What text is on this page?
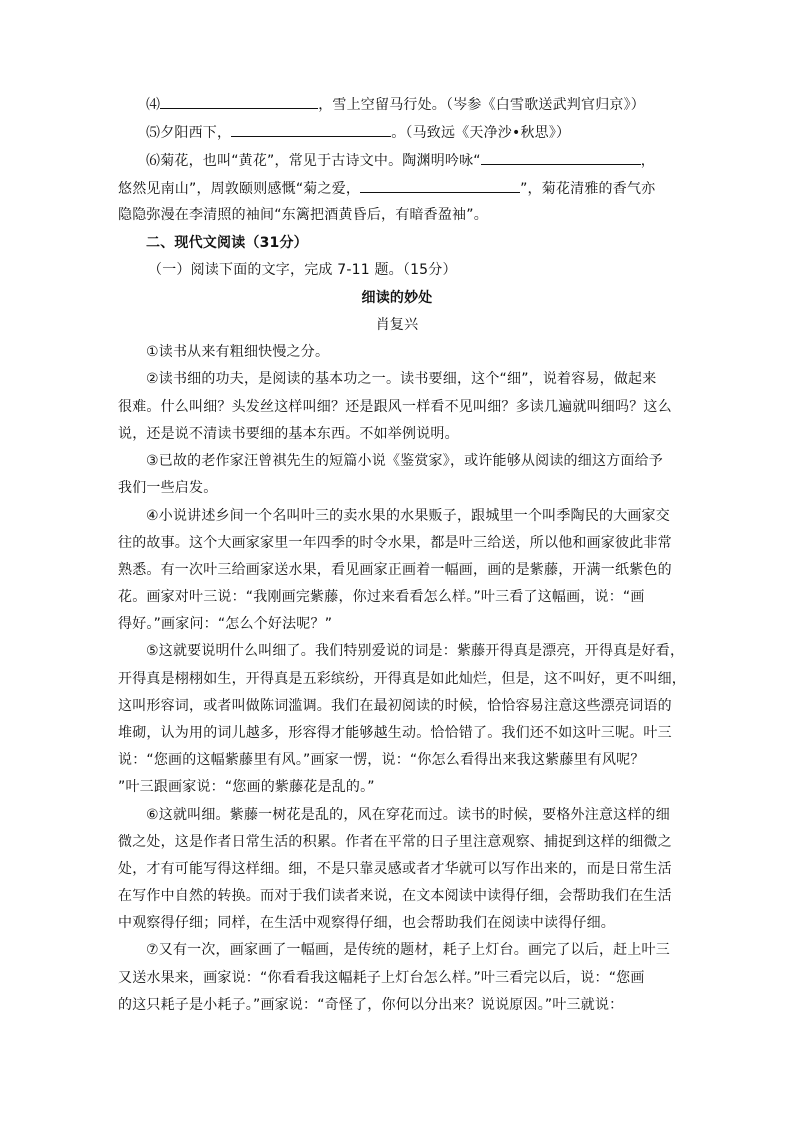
⑷	，雪上空留马行处。（岑参《白雪歌送武判官归京》）
⑸夕阳西下，	。（马致远《天净沙•秋思》）
⑹菊花，也叫“黄花”，常见于古诗文中。陶渊明吟咏“	，
悠然见南山”，周敦颐则感慨“菊之爱，	”，菊花清雅的香气亦
隐隐弥漫在李清照的袖间“东篱把酒黄昏后，有暗香盈袖”。
二、现代文阅读（31分）
（一）阅读下面的文字，完成 7-11 题。（15分）
细读的妙处
肖复兴
①读书从来有粗细快慢之分。
②读书细的功夫，是阅读的基本功之一。读书要细，这个“细”，说着容易，做起来
很难。什么叫细？头发丝这样叫细？还是跟风一样看不见叫细？多读几遍就叫细吗？这么
说，还是说不清读书要细的基本东西。不如举例说明。
③已故的老作家汪曾祺先生的短篇小说《鉴赏家》，或许能够从阅读的细这方面给予
我们一些启发。
④小说讲述乡间一个名叫叶三的卖水果的水果贩子，跟城里一个叫季陶民的大画家交
往的故事。这个大画家家里一年四季的时令水果，都是叶三给送，所以他和画家彼此非常
熟悉。有一次叶三给画家送水果，看见画家正画着一幅画，画的是紫藤，开满一纸紫色的
花。画家对叶三说：“我刚画完紫藤，你过来看看怎么样。”叶三看了这幅画，说：“画
得好。”画家问：“怎么个好法呢？”
⑤这就要说明什么叫细了。我们特别爱说的词是：紫藤开得真是漂亮，开得真是好看，
开得真是栩栩如生，开得真是五彩缤纷，开得真是如此灿烂，但是，这不叫好，更不叫细，
这叫形容词，或者叫做陈词滥调。我们在最初阅读的时候，恰恰容易注意这些漂亮词语的
堆砌，认为用的词儿越多，形容得才能够越生动。恰恰错了。我们还不如这叶三呢。叶三
说：“您画的这幅紫藤里有风。”画家一愣，说：“你怎么看得出来我这紫藤里有风呢？
”叶三跟画家说：“您画的紫藤花是乱的。”
⑥这就叫细。紫藤一树花是乱的，风在穿花而过。读书的时候，要格外注意这样的细
微之处，这是作者日常生活的积累。作者在平常的日子里注意观察、捕捉到这样的细微之
处，才有可能写得这样细。细，不是只靠灵感或者才华就可以写作出来的，而是日常生活
在写作中自然的转换。而对于我们读者来说，在文本阅读中读得仔细，会帮助我们在生活
中观察得仔细；同样，在生活中观察得仔细，也会帮助我们在阅读中读得仔细。
⑦又有一次，画家画了一幅画，是传统的题材，耗子上灯台。画完了以后，赶上叶三
又送水果来，画家说：“你看看我这幅耗子上灯台怎么样。”叶三看完以后，说：“您画
的这只耗子是小耗子。”画家说：“奇怪了，你何以分出来？说说原因。”叶三就说：
